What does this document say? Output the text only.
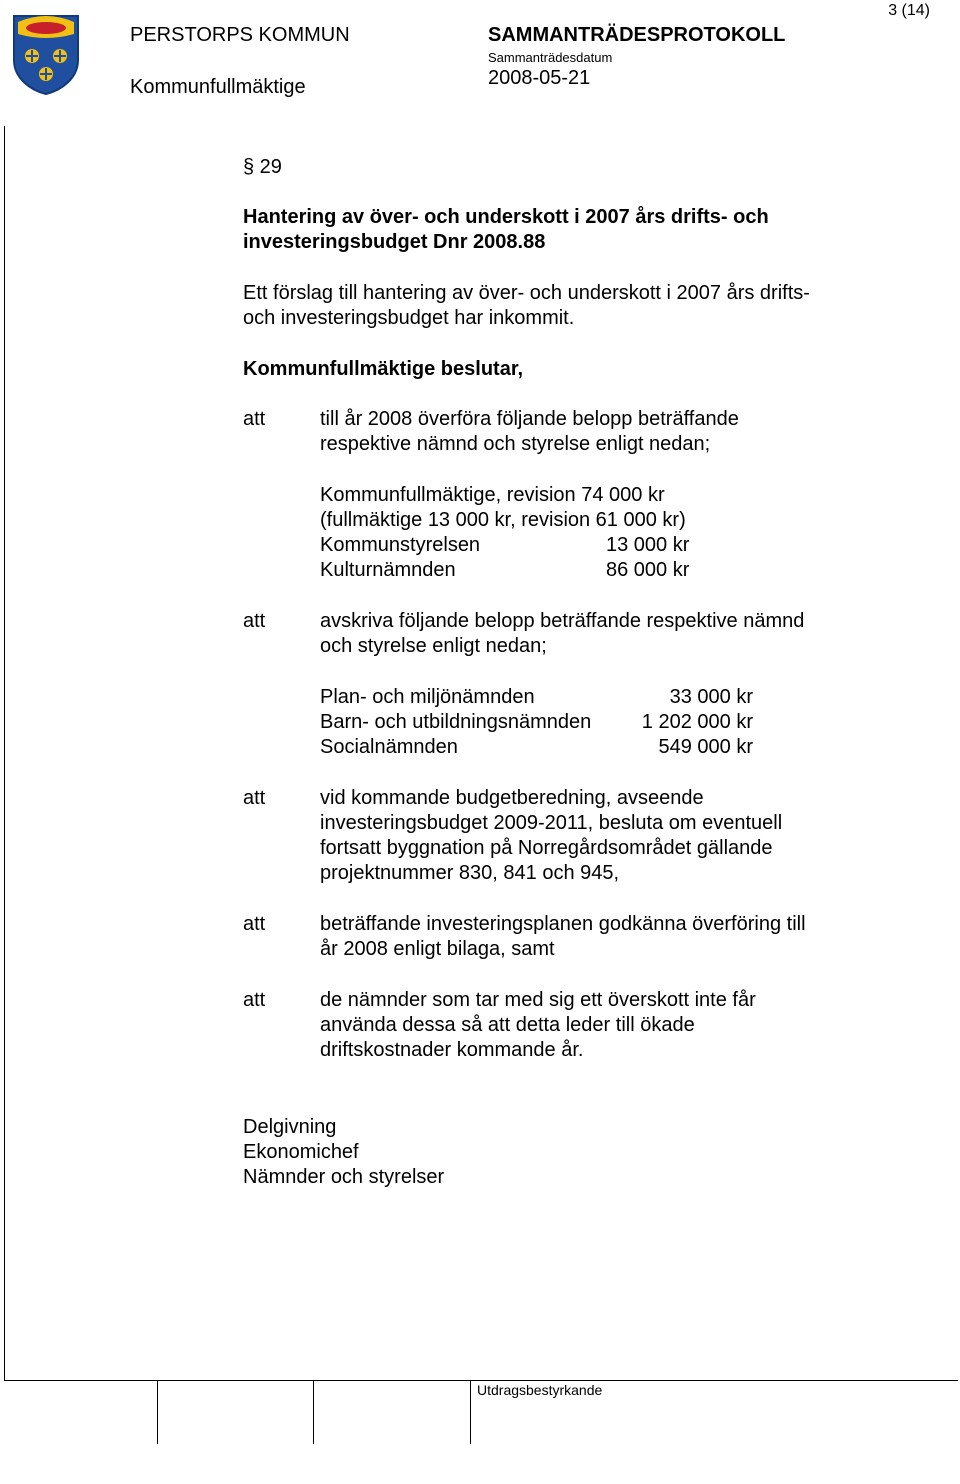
3 (14)
PERSTORPS KOMMUN
Kommunfullmäktige
SAMMANTRÄDESPROTOKOLL
Sammanträdesdatum
2008-05-21
Utdragsbestyrkande
§ 29
Hantering av över- och underskott i 2007 års drifts- och
investeringsbudget Dnr 2008.88
Ett förslag till hantering av över- och underskott i 2007 års drifts-
och investeringsbudget har inkommit.
Kommunfullmäktige beslutar,
att	till år 2008 överföra följande belopp beträffande
respektive nämnd och styrelse enligt nedan;
Kommunfullmäktige, revision 74 000 kr
(fullmäktige 13 000 kr, revision 61 000 kr)
Kommunstyrelsen	13 000 kr
Kulturnämnden	86 000 kr
att	avskriva följande belopp beträffande respektive nämnd
och styrelse enligt nedan;
Plan- och miljönämnden	33 000 kr
Barn- och utbildningsnämnden	1 202 000 kr
Socialnämnden	549 000 kr
att	vid kommande budgetberedning, avseende
investeringsbudget 2009-2011, besluta om eventuell
fortsatt byggnation på Norregårdsområdet gällande
projektnummer 830, 841 och 945,
att	beträffande investeringsplanen godkänna överföring till
år 2008 enligt bilaga, samt
att	de nämnder som tar med sig ett överskott inte får
använda dessa så att detta leder till ökade
driftskostnader kommande år.
Delgivning
Ekonomichef
Nämnder och styrelser
